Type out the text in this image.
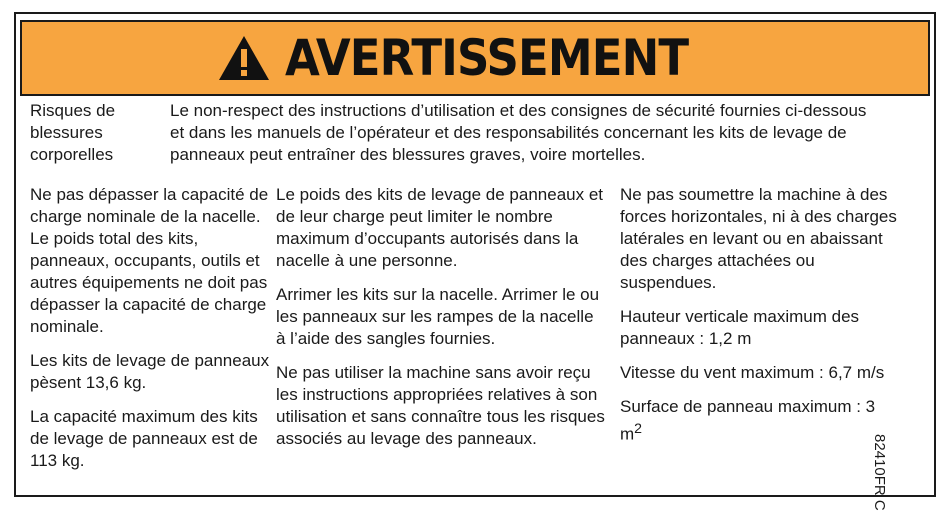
AVERTISSEMENT
Risques de blessures corporelles
Le non-respect des instructions d’utilisation et des consignes de sécurité fournies ci-dessous et dans les manuels de l’opérateur et des responsabilités concernant les kits de levage de panneaux peut entraîner des blessures graves, voire mortelles.

Ne pas dépasser la capacité de charge nominale de la nacelle. Le poids total des kits, panneaux, occupants, outils et autres équipements ne doit pas dépasser la capacité de charge nominale.

Les kits de levage de panneaux pèsent 13,6 kg.

La capacité maximum des kits de levage de panneaux est de 113 kg.

Le poids des kits de levage de panneaux et de leur charge peut limiter le nombre maximum d’occupants autorisés dans la nacelle à une personne.

Arrimer les kits sur la nacelle. Arrimer le ou les panneaux sur les rampes de la nacelle à l’aide des sangles fournies.

Ne pas utiliser la machine sans avoir reçu les instructions appropriées relatives à son utilisation et sans connaître tous les risques associés au levage des panneaux.

Ne pas soumettre la machine à des forces horizontales, ni à des charges latérales en levant ou en abaissant des charges attachées ou suspendues.

Hauteur verticale maximum des panneaux : 1,2 m

Vitesse du vent maximum : 6,7 m/s

Surface de panneau maximum : 3 $m^2$

82410FR C
